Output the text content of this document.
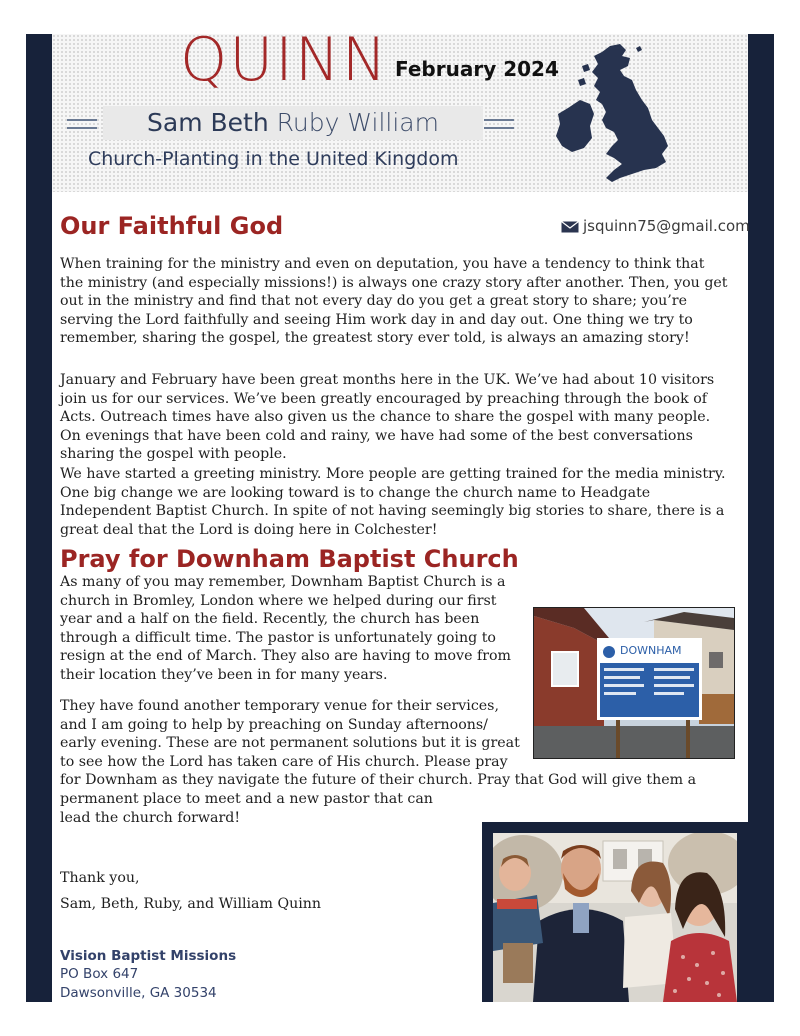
QUINN February 2024
Sam Beth Ruby William
Church-Planting in the United Kingdom
Our Faithful God	jsquinn75@gmail.com

When training for the ministry and even on deputation, you have a tendency to think that the ministry (and especially missions!) is always one crazy story after another. Then, you get out in the ministry and find that not every day do you get a great story to share; you’re serving the Lord faithfully and seeing Him work day in and day out. One thing we try to remember, sharing the gospel, the greatest story ever told, is always an amazing story!

January and February have been great months here in the UK. We’ve had about 10 visitors join us for our services. We’ve been greatly encouraged by preaching through the book of Acts. Outreach times have also given us the chance to share the gospel with many people. On evenings that have been cold and rainy, we have had some of the best conversations sharing the gospel with people.

We have started a greeting ministry. More people are getting trained for the media ministry. One big change we are looking toward is to change the church name to Headgate Independent Baptist Church. In spite of not having seemingly big stories to share, there is a great deal that the Lord is doing here in Colchester!

Pray for Downham Baptist Church
As many of you may remember, Downham Baptist Church is a
church in Bromley, London where we helped during our first
year and a half on the field. Recently, the church has been
through a difficult time. The pastor is unfortunately going to
resign at the end of March. They also are having to move from
their location they’ve been in for many years.
They have found another temporary venue for their services,
and I am going to help by preaching on Sunday afternoons/
early evening. These are not permanent solutions but it is great
to see how the Lord has taken care of His church. Please pray
for Downham as they navigate the future of their church. Pray that God will give them a
permanent place to meet and a new pastor that can
lead the church forward!
DOWNHAM

Thank you,

Sam, Beth, Ruby, and William Quinn

Vision Baptist Missions
PO Box 647
Dawsonville, GA 30534
